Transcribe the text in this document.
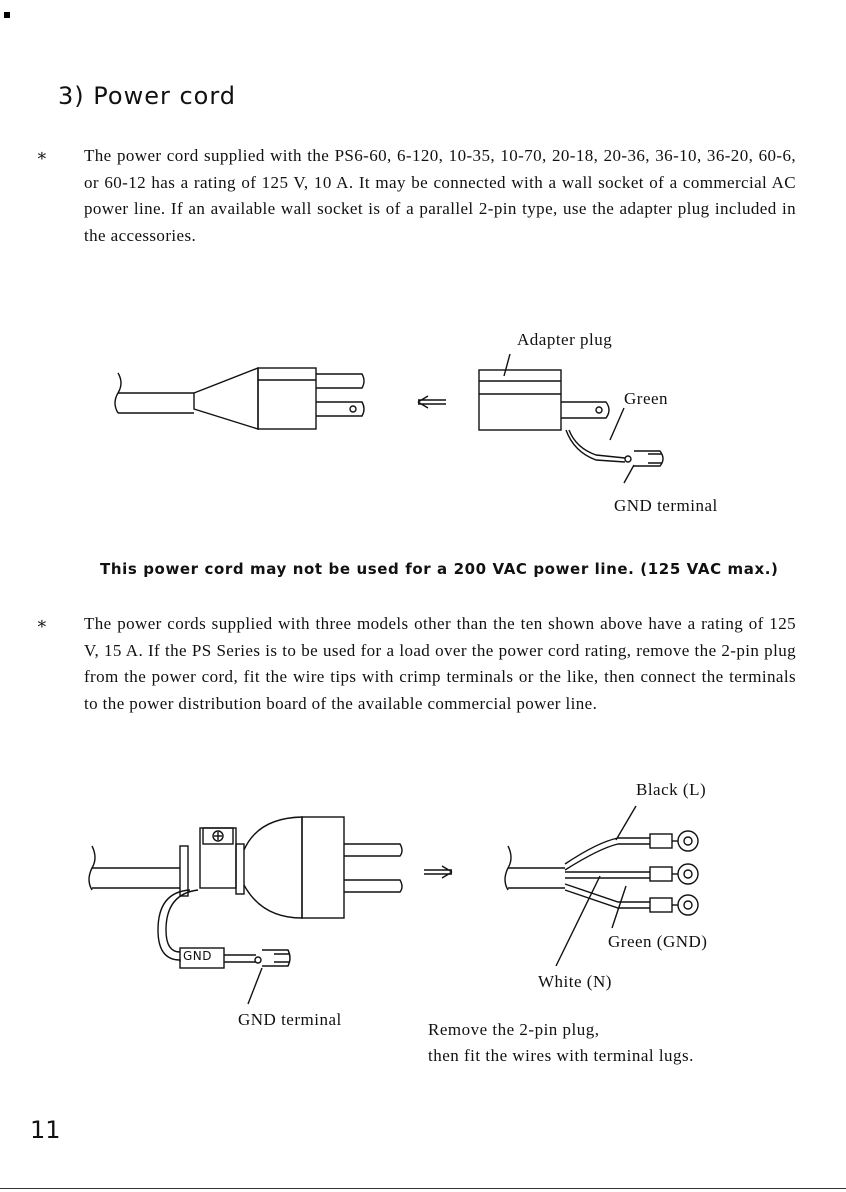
3) Power cord

∗ The power cord supplied with the PS6-60, 6-120, 10-35, 10-70, 20-18, 20-36, 36-10, 36-20, 60-6, or 60-12 has a rating of 125 V, 10 A. It may be connected with a wall socket of a commercial AC power line. If an available wall socket is of a parallel 2-pin type, use the adapter plug included in the accessories.

Adapter plug

Green

GND terminal

This power cord may not be used for a 200 VAC power line. (125 VAC max.)

∗ The power cords supplied with three models other than the ten shown above have a rating of 125 V, 15 A. If the PS Series is to be used for a load over the power cord rating, remove the 2-pin plug from the power cord, fit the wire tips with crimp terminals or the like, then connect the terminals to the power distribution board of the available commercial power line.

Black (L)

Green (GND)

White (N)

GND

GND terminal

Remove the 2-pin plug,

then fit the wires with terminal lugs.

11
